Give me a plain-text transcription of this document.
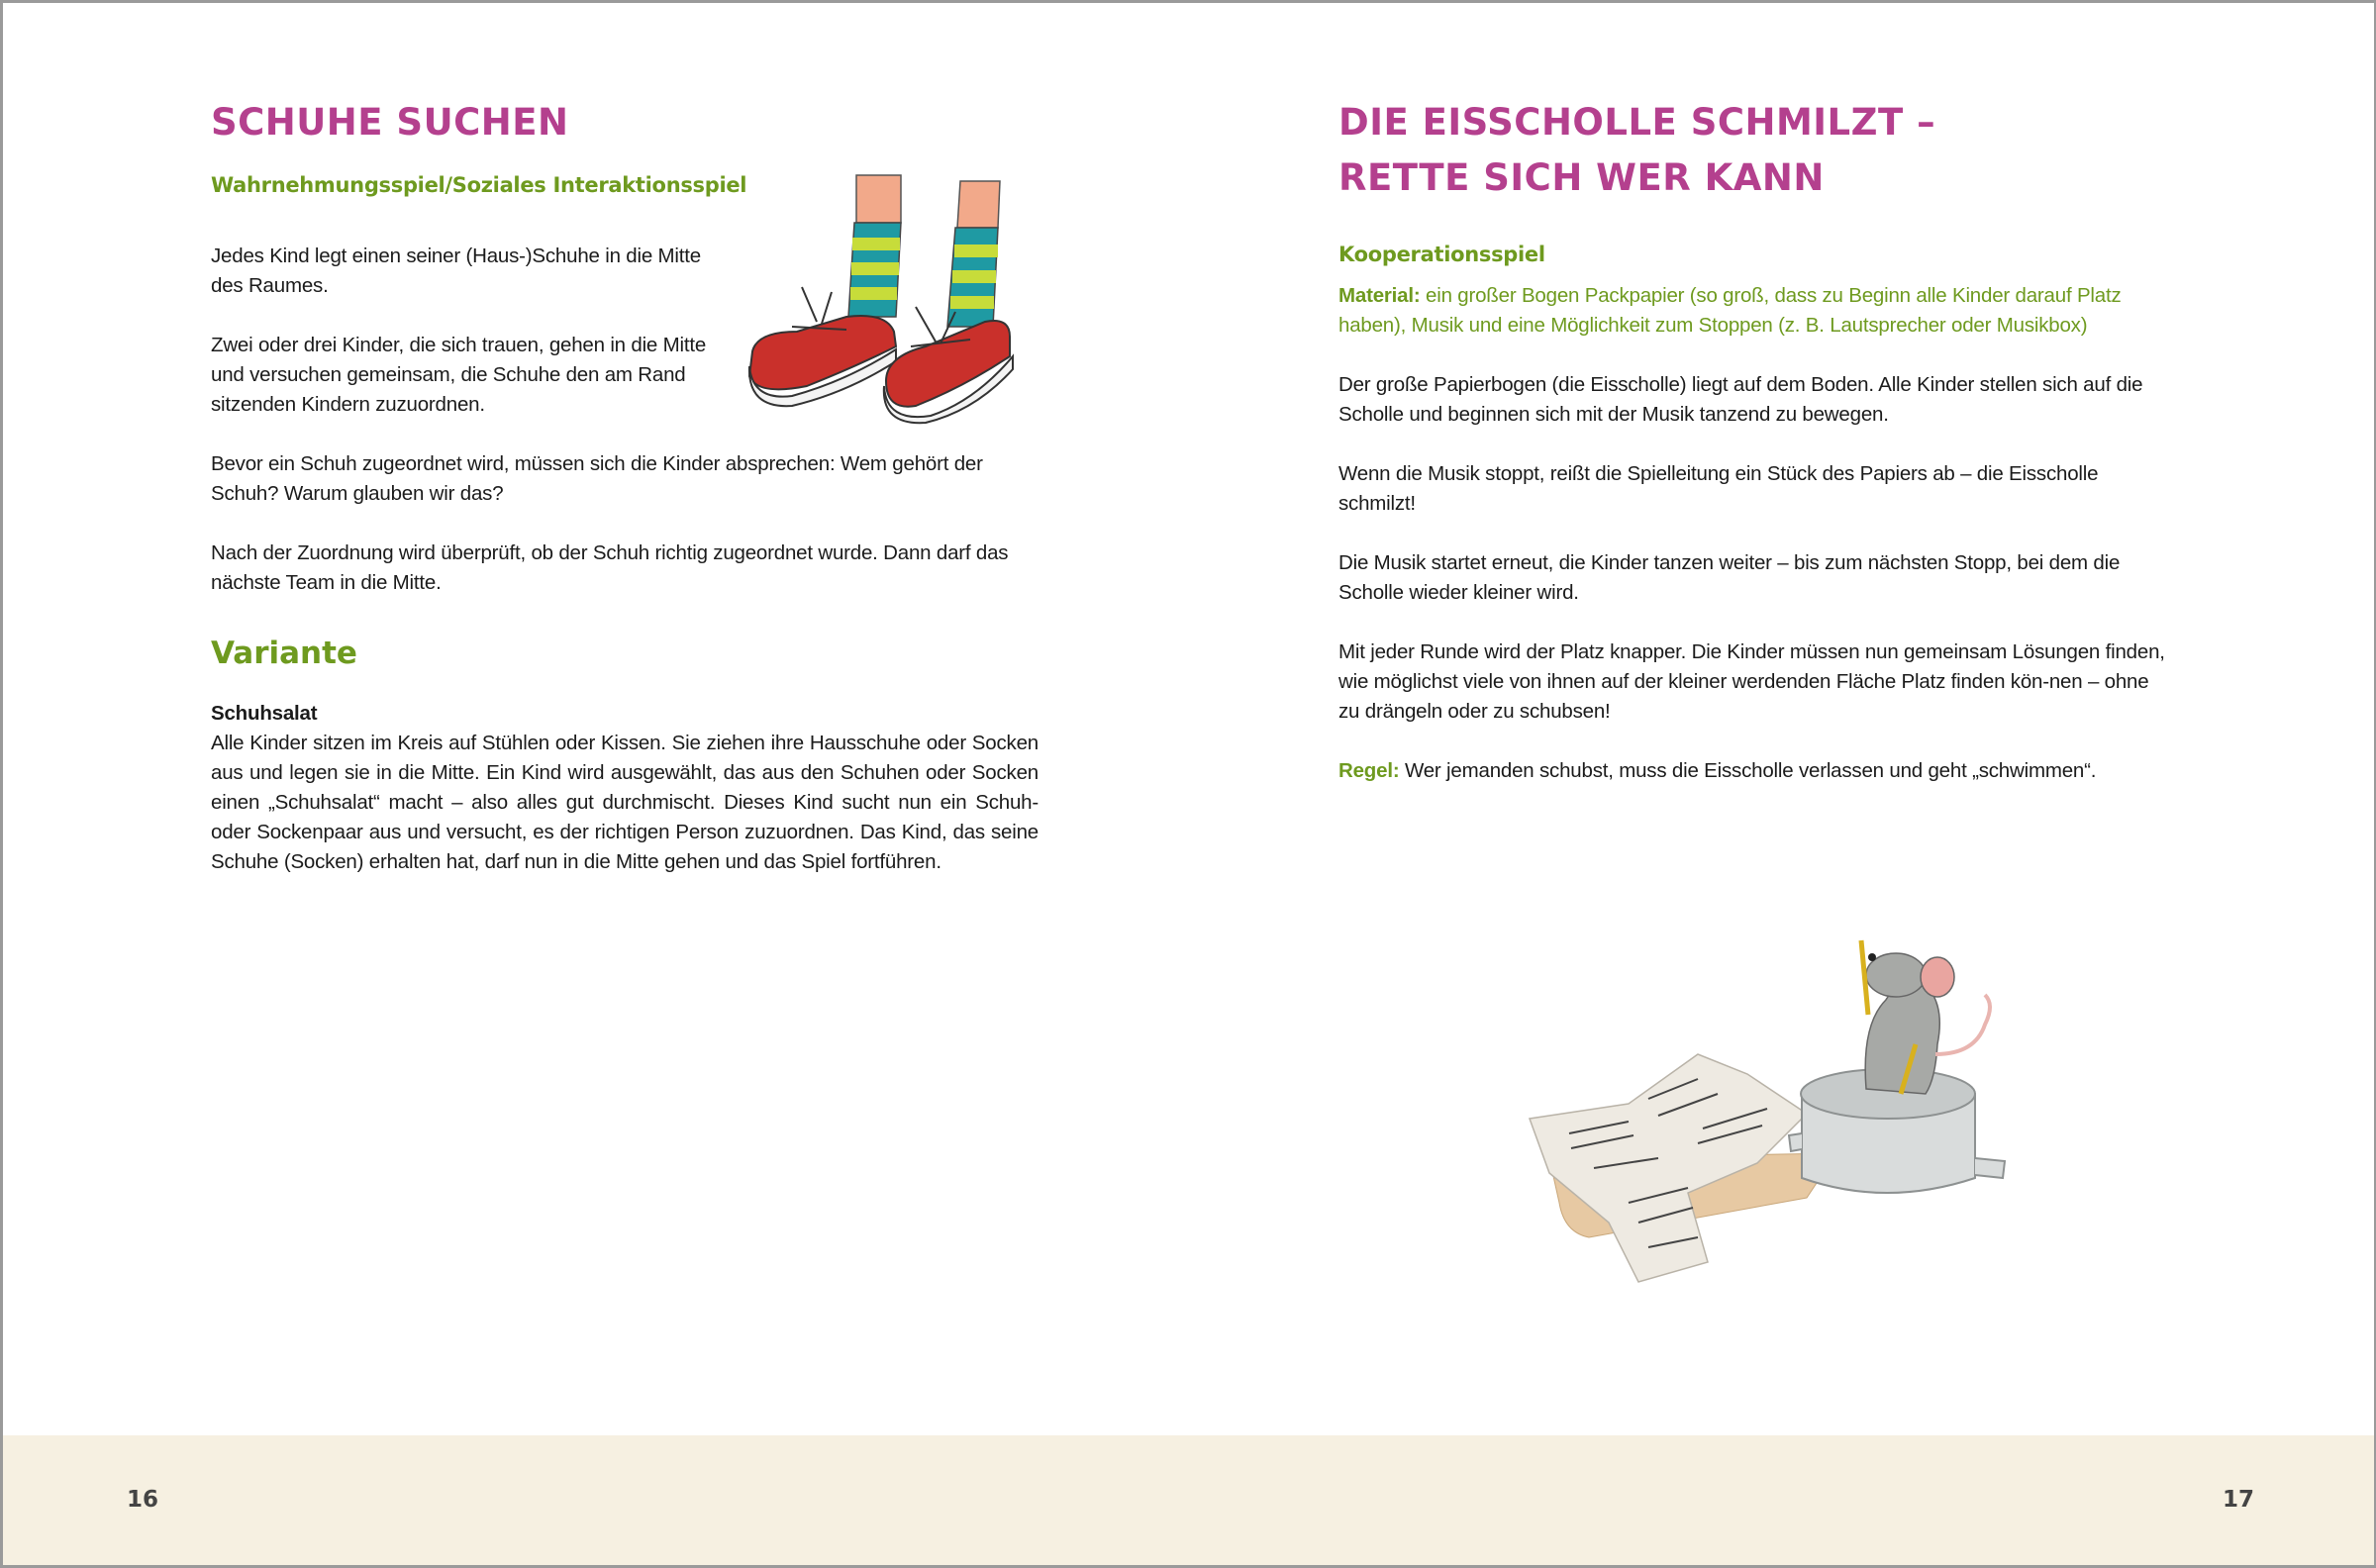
SCHUHE SUCHEN
Wahrnehmungsspiel/Soziales Interaktionsspiel

Jedes Kind legt einen seiner (Haus-)Schuhe in die Mitte des Raumes.

Zwei oder drei Kinder, die sich trauen, gehen in die Mitte und versuchen gemeinsam, die Schuhe den am Rand sitzenden Kindern zuzuordnen.

Bevor ein Schuh zugeordnet wird, müssen sich die Kinder absprechen: Wem gehört der Schuh? Warum glauben wir das?

Nach der Zuordnung wird überprüft, ob der Schuh richtig zugeordnet wurde. Dann darf das nächste Team in die Mitte.

Variante
Schuhsalat

Alle Kinder sitzen im Kreis auf Stühlen oder Kissen. Sie ziehen ihre Hausschuhe oder Socken aus und legen sie in die Mitte. Ein Kind wird ausgewählt, das aus den Schuhen oder Socken einen „Schuhsalat“ macht – also alles gut durchmischt. Dieses Kind sucht nun ein Schuh- oder Sockenpaar aus und versucht, es der richtigen Person zuzuordnen. Das Kind, das seine Schuhe (Socken) erhalten hat, darf nun in die Mitte gehen und das Spiel fortführen.

DIE EISSCHOLLE SCHMILZT –
RETTE SICH WER KANN
Kooperationsspiel

Material: ein großer Bogen Packpapier (so groß, dass zu Beginn alle Kinder darauf Platz haben), Musik und eine Möglichkeit zum Stoppen (z. B. Lautsprecher oder Musikbox)

Der große Papierbogen (die Eisscholle) liegt auf dem Boden. Alle Kinder stellen sich auf die Scholle und beginnen sich mit der Musik tanzend zu bewegen.

Wenn die Musik stoppt, reißt die Spielleitung ein Stück des Papiers ab – die Eisscholle schmilzt!

Die Musik startet erneut, die Kinder tanzen weiter – bis zum nächsten Stopp, bei dem die Scholle wieder kleiner wird.

Mit jeder Runde wird der Platz knapper. Die Kinder müssen nun gemeinsam Lösungen finden, wie möglichst viele von ihnen auf der kleiner werdenden Fläche Platz finden kön-nen – ohne zu drängeln oder zu schubsen!

Regel: Wer jemanden schubst, muss die Eisscholle verlassen und geht „schwimmen“.

16	17
